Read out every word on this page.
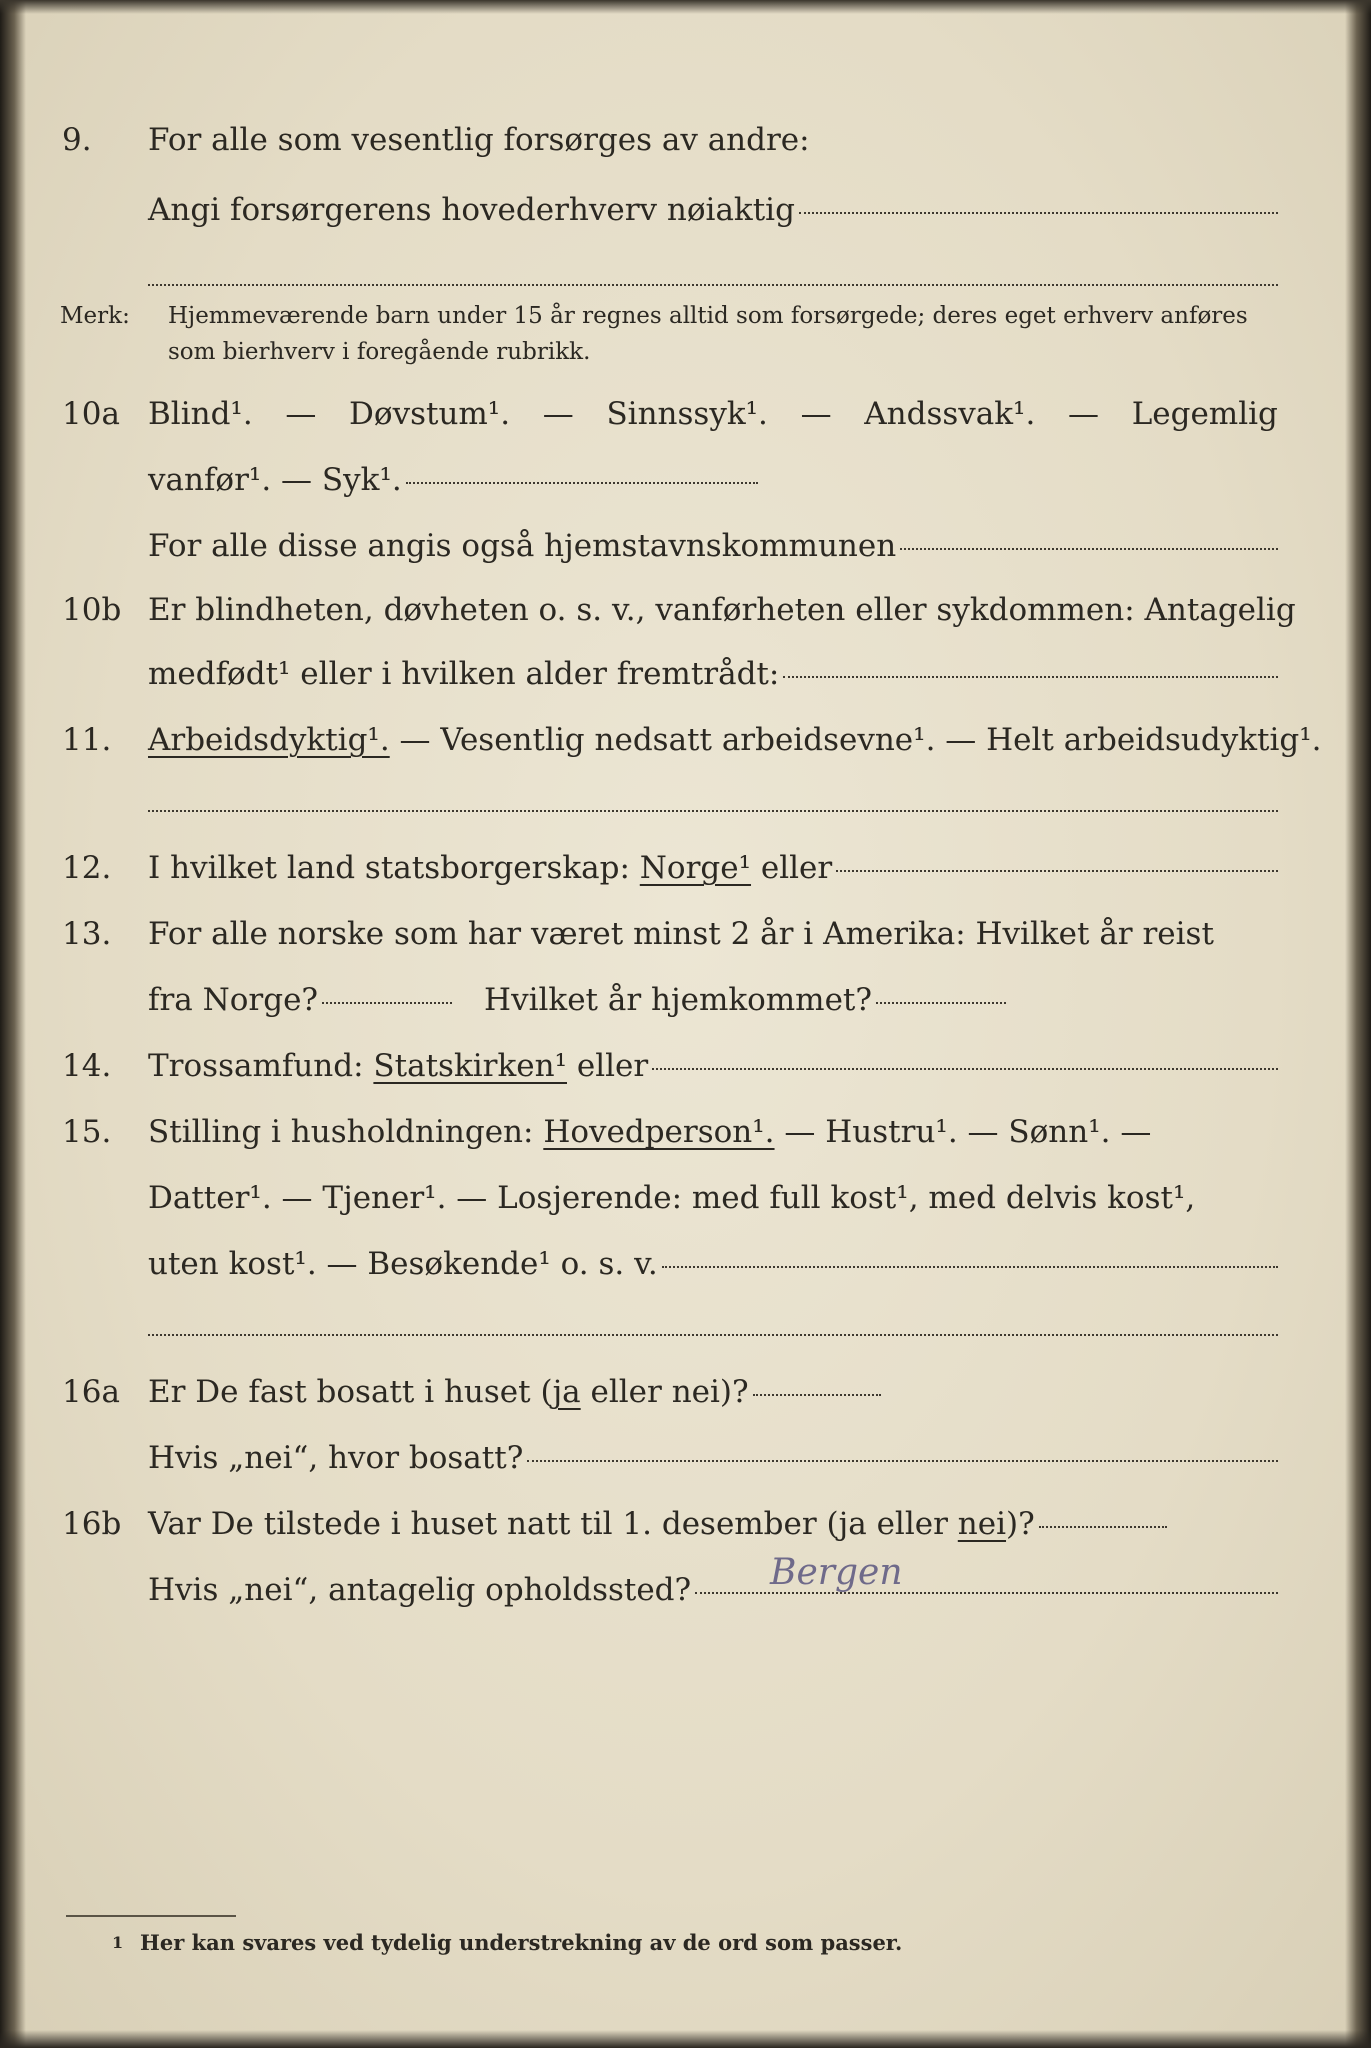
9.	For alle som vesentlig forsørges av andre:
Angi forsørgerens hovederhverv nøiaktig
Merk: Hjemmeværende barn under 15 år regnes alltid som forsørgede; deres eget erhverv anføres som bierhverv i foregående rubrikk.
10a Blind¹. — Døvstum¹. — Sinnssyk¹. — Andssvak¹. — Legemlig
vanfør¹. — Syk¹.
For alle disse angis også hjemstavnskommunen
10b Er blindheten, døvheten o. s. v., vanførheten eller sykdommen: Antagelig
medfødt¹ eller i hvilken alder fremtrådt:
11.	Arbeidsdyktig¹. — Vesentlig nedsatt arbeidsevne¹. — Helt arbeidsudyktig¹.
12.	I hvilket land statsborgerskap: Norge¹ eller
13.	For alle norske som har været minst 2 år i Amerika: Hvilket år reist
fra Norge?	Hvilket år hjemkommet?
14.	Trossamfund: Statskirken¹ eller
15.	Stilling i husholdningen: Hovedperson¹. — Hustru¹. — Sønn¹. —
Datter¹. — Tjener¹. — Losjerende: med full kost¹, med delvis kost¹,
uten kost¹. — Besøkende¹ o. s. v.
16a Er De fast bosatt i huset ( ja eller nei)?
Hvis „nei“, hvor bosatt?
16b Var De tilstede i huset natt til 1. desember (ja eller nei )?
Hvis „nei“, antagelig opholdssted? Bergen
1 Her kan svares ved tydelig understrekning av de ord som passer.
